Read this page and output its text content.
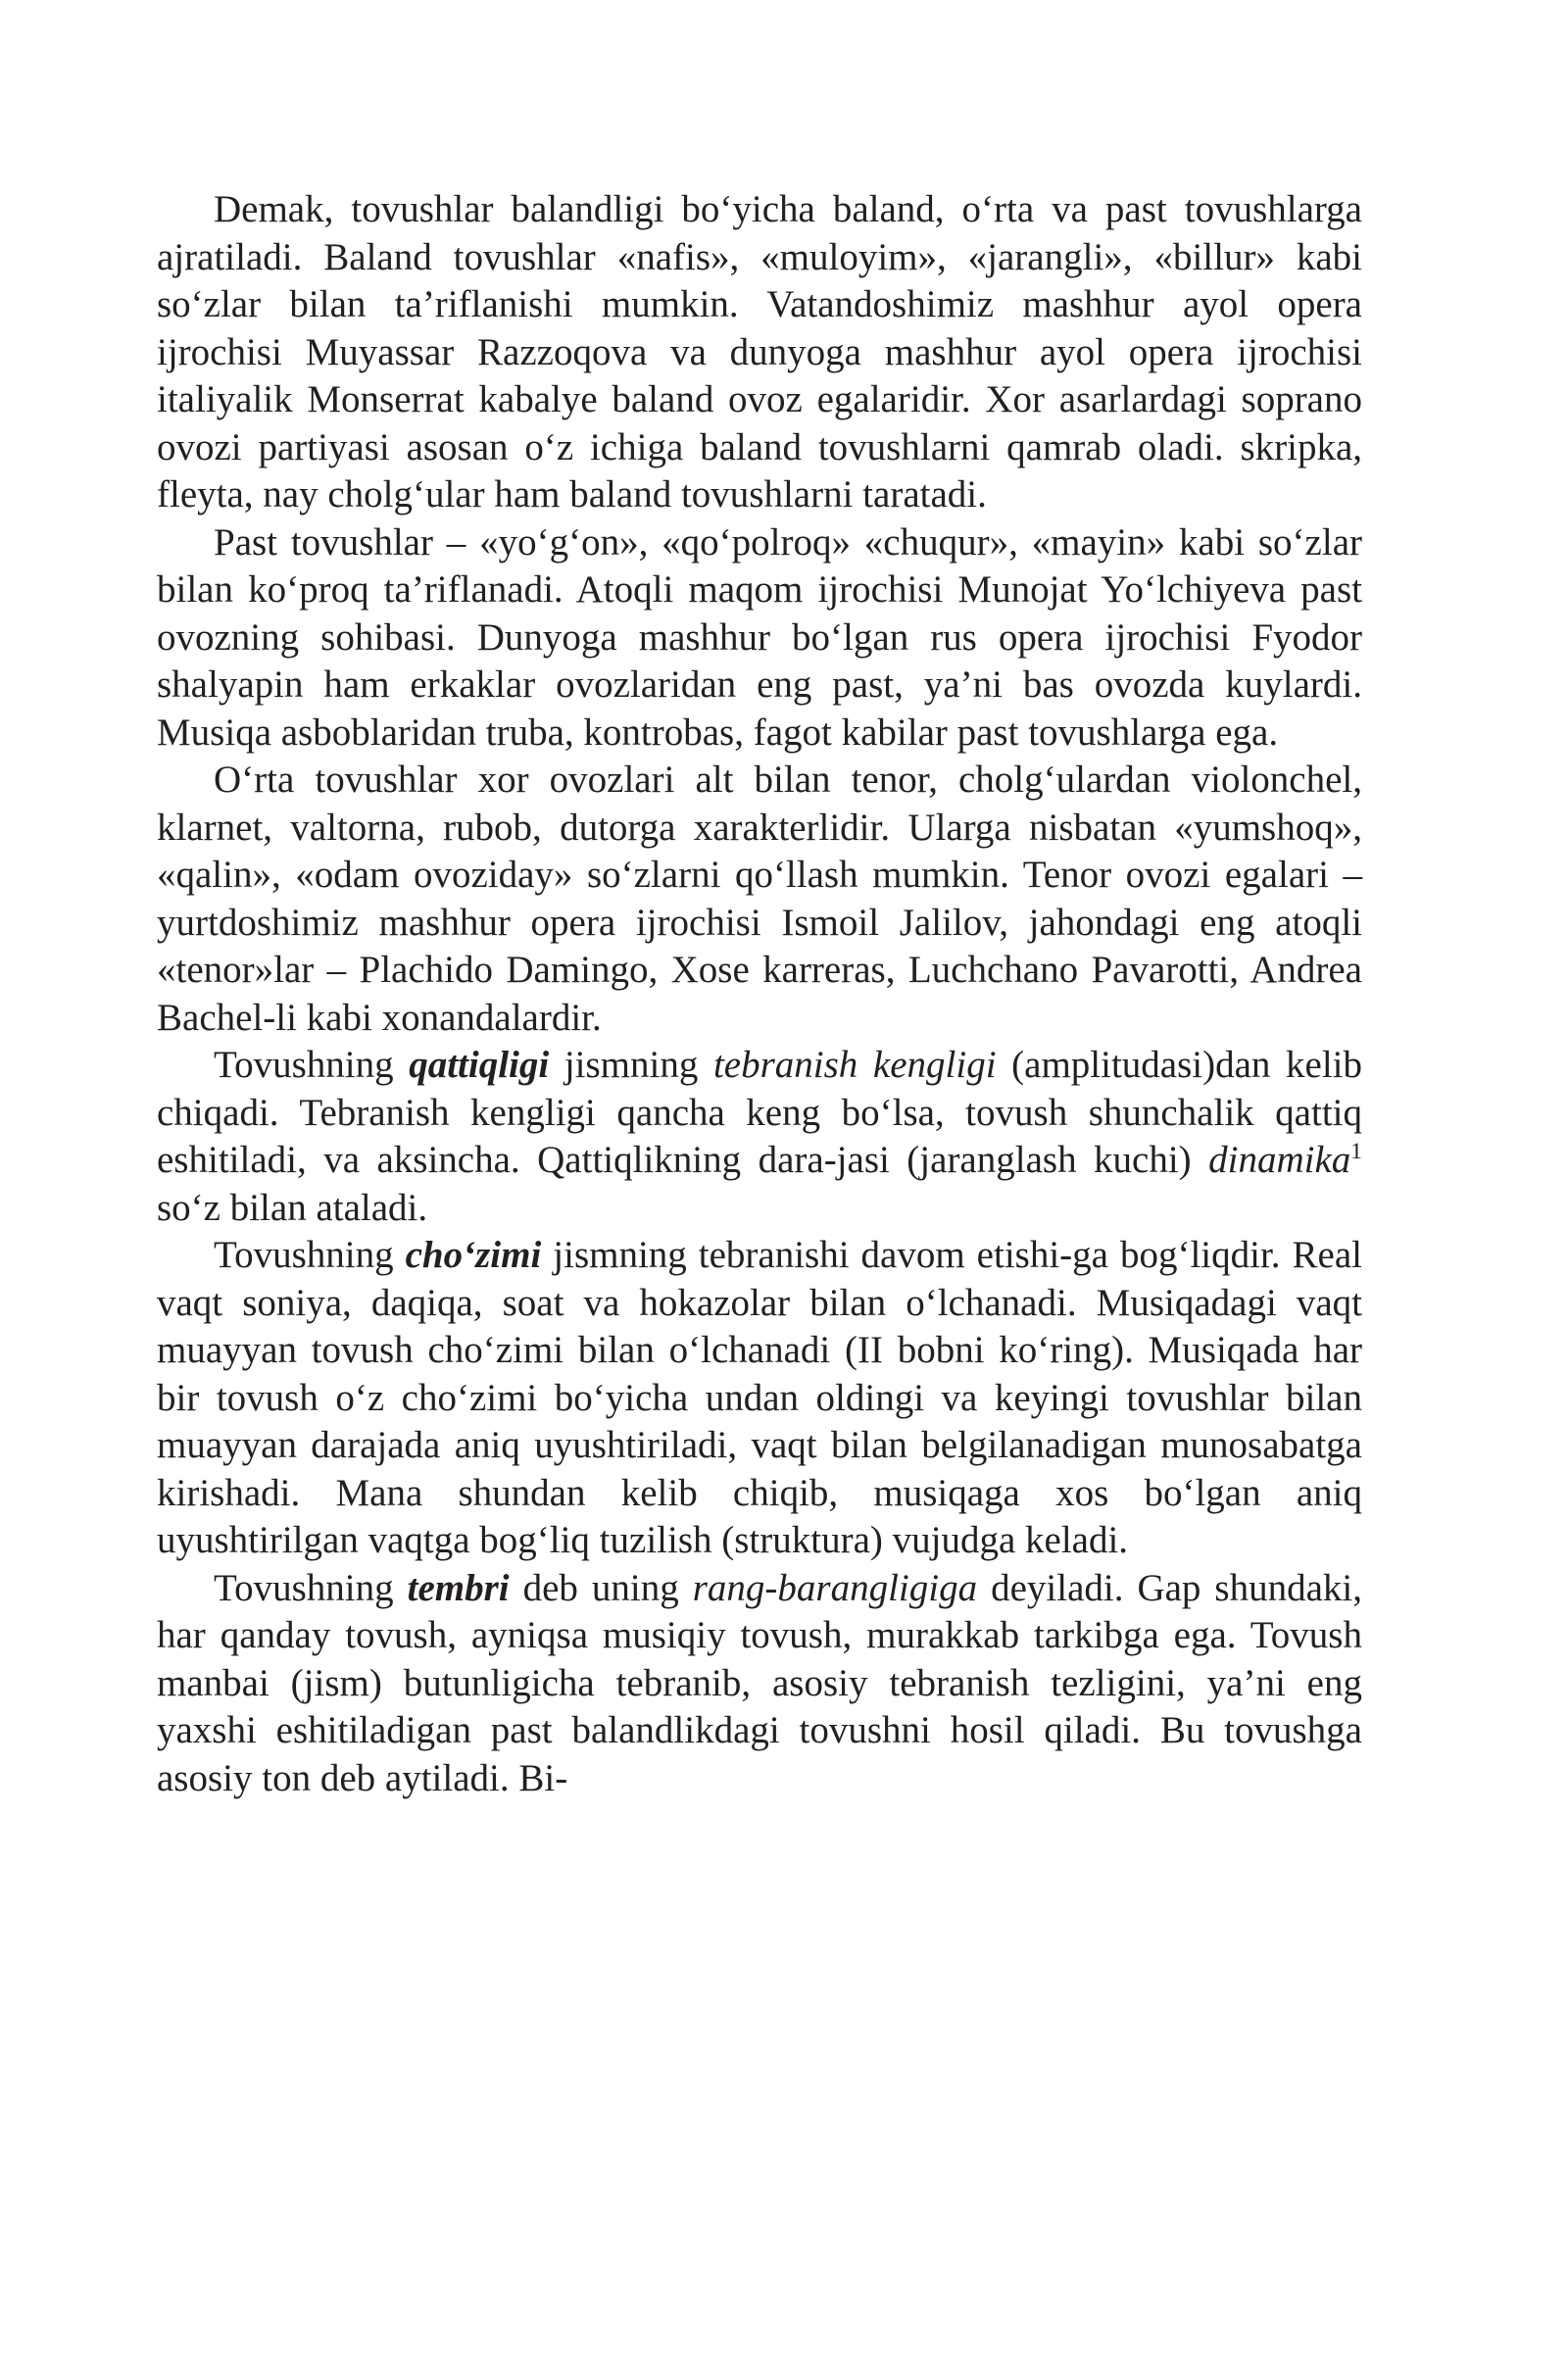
Demak, tovushlar balandligi bo‘yicha baland, o‘rta va past tovushlarga ajratiladi. Baland tovushlar «nafis», «muloyim», «jarangli», «billur» kabi so‘zlar bilan ta’riflanishi mumkin. Vatandoshimiz mashhur ayol opera ijrochisi Muyassar Razzoqova va dunyoga mashhur ayol opera ijrochisi italiyalik Monserrat kabalye baland ovoz egalaridir. Xor asarlardagi soprano ovozi partiyasi asosan o‘z ichiga baland tovushlarni qamrab oladi. skripka, fleyta, nay cholg‘ular ham baland tovushlarni taratadi.

Past tovushlar – «yo‘g‘on», «qo‘polroq» «chuqur», «mayin» kabi so‘zlar bilan ko‘proq ta’riflanadi. Atoqli maqom ijrochisi Munojat Yo‘lchiyeva past ovozning sohibasi. Dunyoga mashhur bo‘lgan rus opera ijrochisi Fyodor shalyapin ham erkaklar ovozlaridan eng past, ya’ni bas ovozda kuylardi. Musiqa asboblaridan truba, kontrobas, fagot kabilar past tovushlarga ega.

O‘rta tovushlar xor ovozlari alt bilan tenor, cholg‘ulardan violonchel, klarnet, valtorna, rubob, dutorga xarakterlidir. Ularga nisbatan «yumshoq», «qalin», «odam ovoziday» so‘zlarni qo‘llash mumkin. Tenor ovozi egalari – yurtdoshimiz mashhur opera ijrochisi Ismoil Jalilov, jahondagi eng atoqli «tenor»lar – Plachido Damingo, Xose karreras, Luchchano Pavarotti, Andrea Bachel-li kabi xonandalardir.

Tovushning qattiqligi jismning tebranish kengligi (amplitudasi)dan kelib chiqadi. Tebranish kengligi qancha keng bo‘lsa, tovush shunchalik qattiq eshitiladi, va aksincha. Qattiqlikning dara-jasi (jaranglash kuchi) dinamika$^1$ so‘z bilan ataladi.

Tovushning cho‘zimi jismning tebranishi davom etishi-ga bog‘liqdir. Real vaqt soniya, daqiqa, soat va hokazolar bilan o‘lchanadi. Musiqadagi vaqt muayyan tovush cho‘zimi bilan o‘lchanadi (II bobni ko‘ring). Musiqada har bir tovush o‘z cho‘zimi bo‘yicha undan oldingi va keyingi tovushlar bilan muayyan darajada aniq uyushtiriladi, vaqt bilan belgilanadigan munosabatga kirishadi. Mana shundan kelib chiqib, musiqaga xos bo‘lgan aniq uyushtirilgan vaqtga bog‘liq tuzilish (struktura) vujudga keladi.

Tovushning tembri deb uning rang-barangligiga deyiladi. Gap shundaki, har qanday tovush, ayniqsa musiqiy tovush, murakkab tarkibga ega. Tovush manbai (jism) butunligicha tebranib, asosiy tebranish tezligini, ya’ni eng yaxshi eshitiladigan past balandlikdagi tovushni hosil qiladi. Bu tovushga asosiy ton deb aytiladi. Bi-
